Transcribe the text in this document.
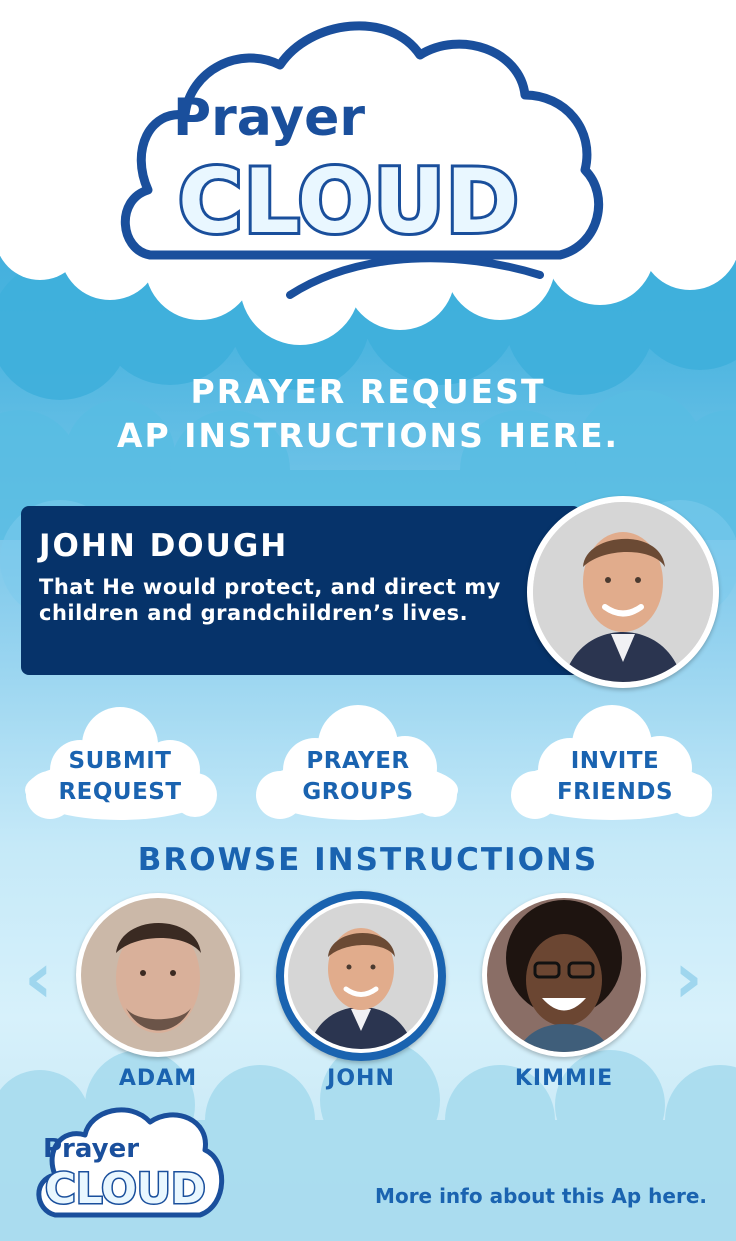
Prayer
CLOUD
PRAYER REQUEST
AP INSTRUCTIONS HERE.
JOHN DOUGH
That He would protect, and direct my children and grandchildren’s lives.
SUBMIT
REQUEST
PRAYER
GROUPS
INVITE
FRIENDS
BROWSE INSTRUCTIONS
‹	›
ADAM	JOHN	KIMMIE
Prayer
CLOUD	More info about this Ap here.
